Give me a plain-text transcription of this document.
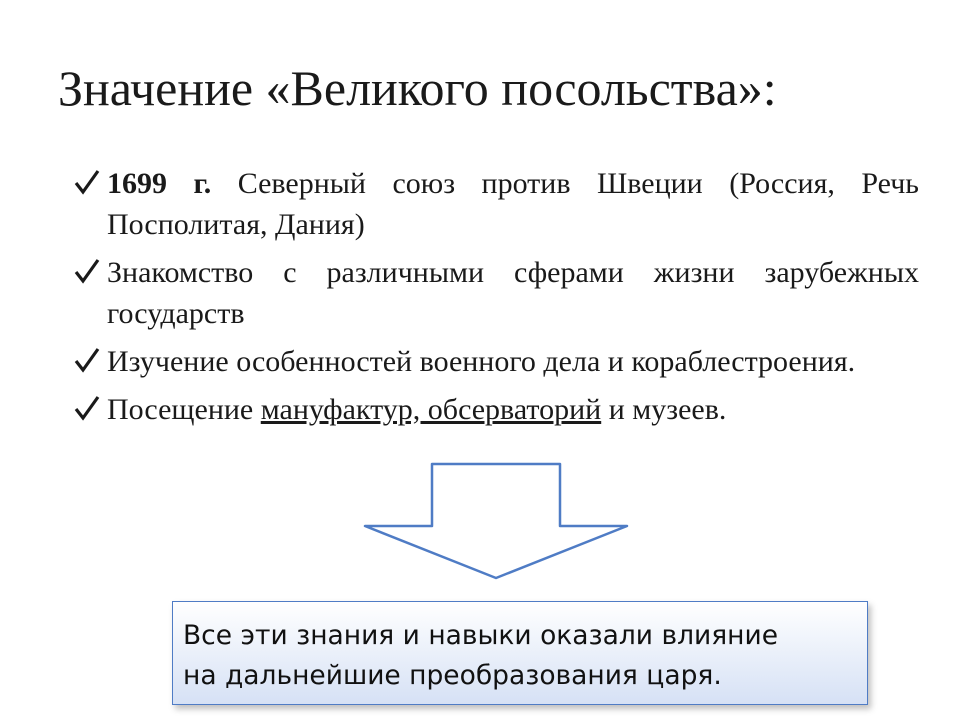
Значение «Великого посольства»:
1699 г. Северный союз против Швеции (Россия, Речь Посполитая, Дания)
Знакомство с различными сферами жизни зарубежных государств
Изучение особенностей военного дела и кораблестроения.
Посещение мануфактур, обсерваторий и музеев.
Все эти знания и навыки оказали влияние
на дальнейшие преобразования царя.
